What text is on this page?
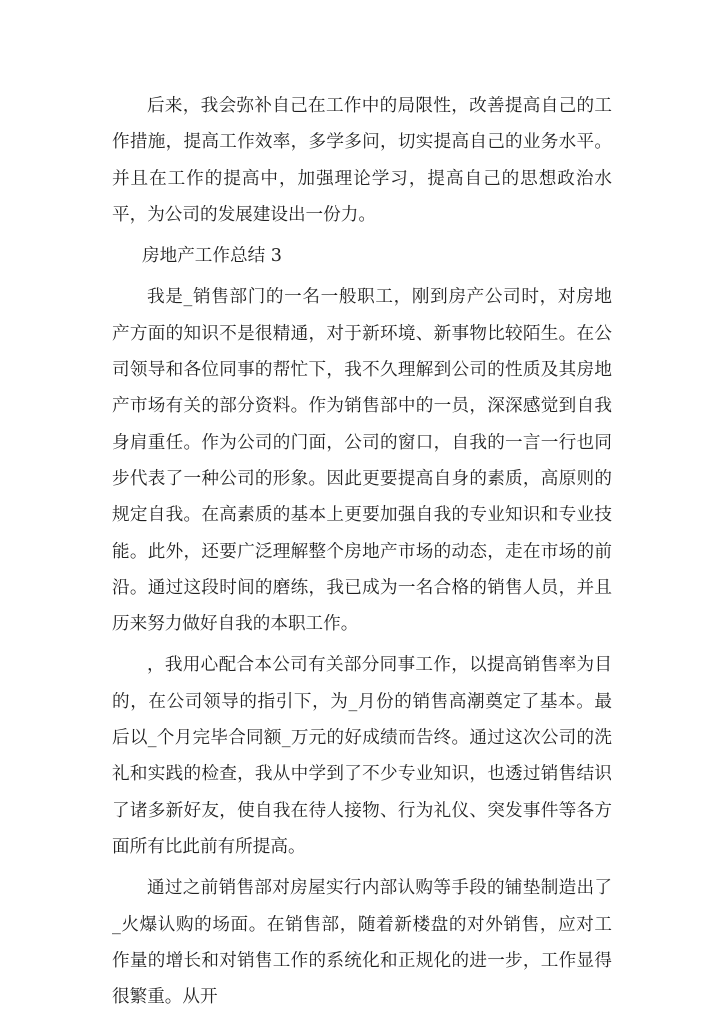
后来，我会弥补自己在工作中的局限性，改善提高自己的工作措施，提高工作效率，多学多问，切实提高自己的业务水平。并且在工作的提高中，加强理论学习，提高自己的思想政治水平，为公司的发展建设出一份力。

房地产工作总结 3

我是_销售部门的一名一般职工，刚到房产公司时，对房地产方面的知识不是很精通，对于新环境、新事物比较陌生。在公司领导和各位同事的帮忙下，我不久理解到公司的性质及其房地产市场有关的部分资料。作为销售部中的一员，深深感觉到自我身肩重任。作为公司的门面，公司的窗口，自我的一言一行也同步代表了一种公司的形象。因此更要提高自身的素质，高原则的规定自我。在高素质的基本上更要加强自我的专业知识和专业技能。此外，还要广泛理解整个房地产市场的动态，走在市场的前沿。通过这段时间的磨练，我已成为一名合格的销售人员，并且历来努力做好自我的本职工作。

，我用心配合本公司有关部分同事工作，以提高销售率为目的，在公司领导的指引下，为_月份的销售高潮奠定了基本。最后以_个月完毕合同额_万元的好成绩而告终。通过这次公司的洗礼和实践的检查，我从中学到了不少专业知识，也透过销售结识了诸多新好友，使自我在待人接物、行为礼仪、突发事件等各方面所有比此前有所提高。

通过之前销售部对房屋实行内部认购等手段的铺垫制造出了_火爆认购的场面。在销售部，随着新楼盘的对外销售，应对工作量的增长和对销售工作的系统化和正规化的进一步，工作显得很繁重。从开
